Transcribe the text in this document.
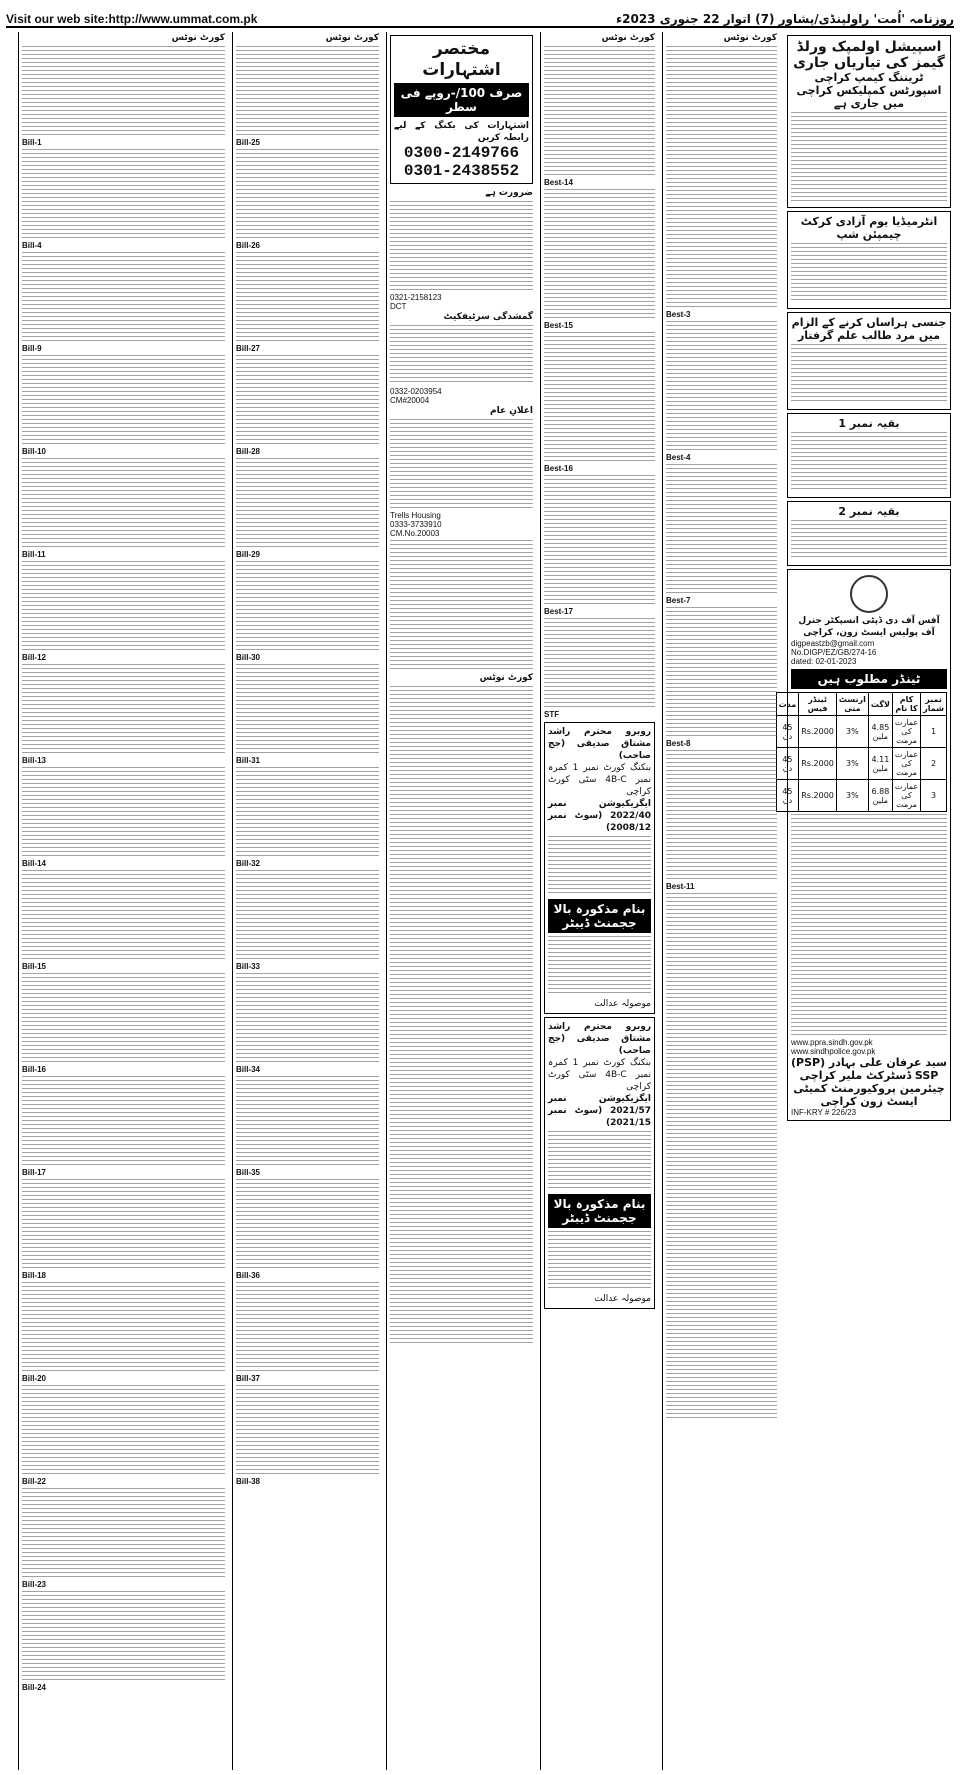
Visit our web site:http://www.ummat.com.pk	روزنامہ 'اُمت' راولپنڈی/پشاور (7) اتوار 22 جنوری 2023ء
اسپیشل اولمپک ورلڈ گیمز کی تیاریاں جاری
ٹریننگ کیمپ کراچی اسپورٹس کمپلیکس کراچی میں جاری ہے
انٹرمیڈیا یوم آزادی کرکٹ چیمپئن شپ
جنسی ہراساں کرنے کے الزام میں مرد طالب علم گرفتار
بقیہ نمبر 1
بقیہ نمبر 2
آفس آف دی ڈپٹی انسپکٹر جنرل آف پولیس ایسٹ زون، کراچی
digpeastzb@gmail.com
No.DIGP/EZ/GB/274-16
dated: 02-01-2023
ٹینڈر مطلوب ہیں
نمبر شمار	کام کا نام	لاگت	ارنسٹ منی	ٹینڈر فیس	مدت
1	عمارت کی مرمت	4.85 ملین	3%	Rs.2000	45 دن
2	عمارت کی مرمت	4.11 ملین	3%	Rs.2000	45 دن
3	عمارت کی مرمت	6.88 ملین	3%	Rs.2000	45 دن
www.ppra.sindh.gov.pk
www.sindhpolice.gov.pk
سید عرفان علی بہادر (PSP)
SSP ڈسٹرکٹ ملیر کراچی
چیئرمین پروکیورمنٹ کمیٹی ایسٹ زون کراچی
INF-KRY # 226/23
کورٹ نوٹس
Best-3
Best-4
Best-7
Best-8
Best-11
کورٹ نوٹس
Best-14
Best-15
Best-16
Best-17
STF
روبرو محترم راشد مشتاق صدیقی (جج صاحب)
بنکنگ کورٹ نمبر 1 کمرہ نمبر 4B-C سٹی کورٹ کراچی
ایگزیکیوشن نمبر 2022/40 (سوٹ نمبر 2008/12)
بنام مذکورہ بالا ججمنٹ ڈیبٹر
موصولہ عدالت
روبرو محترم راشد مشتاق صدیقی (جج صاحب)
بنکنگ کورٹ نمبر 1 کمرہ نمبر 4B-C سٹی کورٹ کراچی
ایگزیکیوشن نمبر 2021/57 (سوٹ نمبر 2021/15)
بنام مذکورہ بالا ججمنٹ ڈیبٹر
موصولہ عدالت
مختصر اشتہارات
صرف 100/-روپے فی سطر
اشتہارات کی بکنگ کے لیے رابطہ کریں
0300-2149766
0301-2438552
ضرورت ہے
0321-2158123
DCT
گمشدگی سرٹیفکیٹ
0332-0203954
CM#20004
اعلانِ عام
Trells Housing
0333-3733910
CM.No.20003
کورٹ نوٹس
کورٹ نوٹس
Bill-25
Bill-26
Bill-27
Bill-28
Bill-29
Bill-30
Bill-31
Bill-32
Bill-33
Bill-34
Bill-35
Bill-36
Bill-37
Bill-38
کورٹ نوٹس
Bill-1
Bill-4
Bill-9
Bill-10
Bill-11
Bill-12
Bill-13
Bill-14
Bill-15
Bill-16
Bill-17
Bill-18
Bill-20
Bill-22
Bill-23
Bill-24
